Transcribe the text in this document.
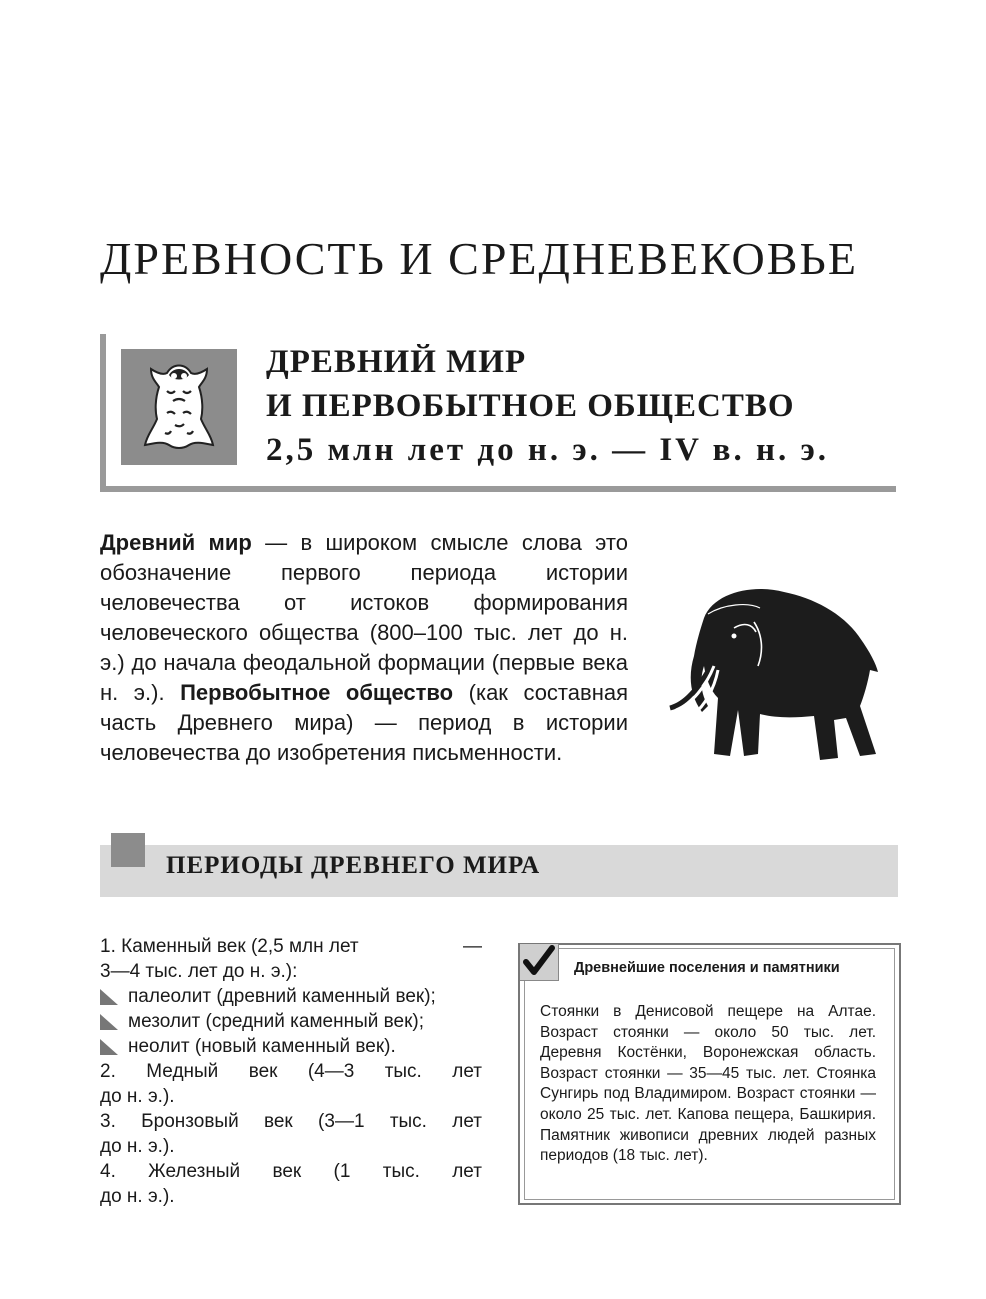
ДРЕВНОСТЬ И СРЕДНЕВЕКОВЬЕ
ДРЕВНИЙ МИР
И ПЕРВОБЫТНОЕ ОБЩЕСТВО
2,5 млн лет до н. э. — IV в. н. э.
Древний мир — в широком смысле слова это обозначение первого периода истории человечества от истоков формирования человеческого общества (800–100 тыс. лет до н. э.) до начала феодальной формации (первые века н. э.). Первобытное общество (как составная часть Древнего мира) — период в истории человечества до изобретения письменности.
ПЕРИОДЫ ДРЕВНЕГО МИРА
1. Каменный век (2,5 млн лет	—
3—4 тыс. лет до н. э.):
палеолит (древний каменный век);
мезолит (средний каменный век);
неолит (новый каменный век).
2. Медный век (4—3 тыс. лет
до н. э.).
3. Бронзовый век (3—1 тыс. лет
до н. э.).
4. Железный век (1 тыс. лет
до н. э.).
Древнейшие поселения и памятники
Стоянки в Денисовой пещере на Алтае. Возраст стоянки — около 50 тыс. лет. Деревня Костёнки, Воронежская область. Возраст стоянки — 35—45 тыс. лет. Стоянка Сунгирь под Владимиром. Возраст стоянки — около 25 тыс. лет. Капова пещера, Башкирия. Памятник живописи древних людей разных периодов (18 тыс. лет).
